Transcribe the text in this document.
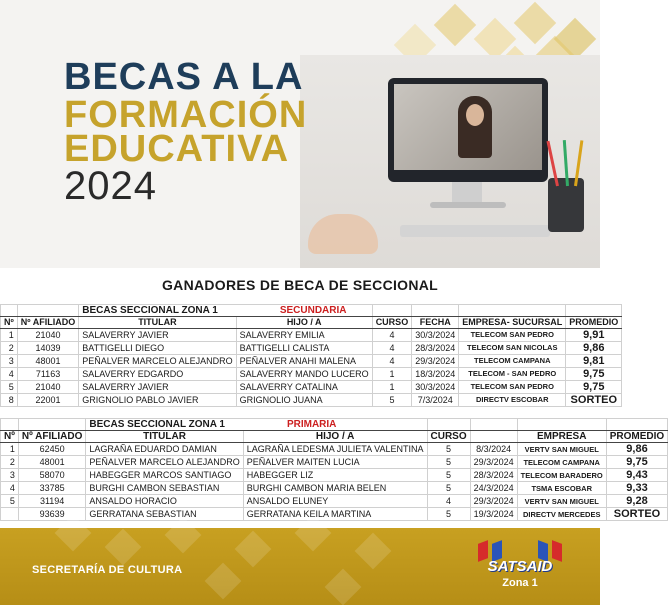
BECAS A LA
FORMACIÓN
EDUCATIVA
2024
GANADORES DE BECA DE SECCIONAL
		BECAS SECCIONAL ZONA 1 SECUNDARIA					
Nº	Nº AFILIADO	TITULAR	HIJO / A	CURSO	FECHA	EMPRESA- SUCURSAL	PROMEDIO
1	21040	SALAVERRY JAVIER	SALAVERRY EMILIA	4	30/3/2024	TELECOM SAN PEDRO	9,91
2	14039	BATTIGELLI DIEGO	BATTIGELLI CALISTA	4	28/3/2024	TELECOM SAN NICOLAS	9,86
3	48001	PEÑALVER MARCELO ALEJANDRO	PEÑALVER ANAHI MALENA	4	29/3/2024	TELECOM CAMPANA	9,81
4	71163	SALAVERRY EDGARDO	SALAVERRY MANDO LUCERO	1	18/3/2024	TELECOM - SAN PEDRO	9,75
5	21040	SALAVERRY JAVIER	SALAVERRY CATALINA	1	30/3/2024	TELECOM SAN PEDRO	9,75
8	22001	GRIGNOLIO PABLO JAVIER	GRIGNOLIO JUANA	5	7/3/2024	DIRECTV ESCOBAR	SORTEO
		BECAS SECCIONAL ZONA 1 PRIMARIA					
Nº	Nº AFILIADO	TITULAR	HIJO / A	CURSO		EMPRESA	PROMEDIO
1	62450	LAGRAÑA EDUARDO DAMIAN	LAGRAÑA LEDESMA JULIETA VALENTINA	5	8/3/2024	VERTV SAN MIGUEL	9,86
2	48001	PEÑALVER MARCELO ALEJANDRO	PEÑALVER MAITEN LUCIA	5	29/3/2024	TELECOM CAMPANA	9,75
3	58070	HABEGGER MARCOS SANTIAGO	HABEGGER LIZ	5	28/3/2024	TELECOM BARADERO	9,43
4	33785	BURGHI CAMBON SEBASTIAN	BURGHI CAMBON MARIA BELEN	5	24/3/2024	TSMA ESCOBAR	9,33
5	31194	ANSALDO HORACIO	ANSALDO ELUNEY	4	29/3/2024	VERTV SAN MIGUEL	9,28
	93639	GERRATANA SEBASTIAN	GERRATANA KEILA MARTINA	5	19/3/2024	DIRECTV MERCEDES	SORTEO
SECRETARÍA DE CULTURA	SATSAID
Zona 1
